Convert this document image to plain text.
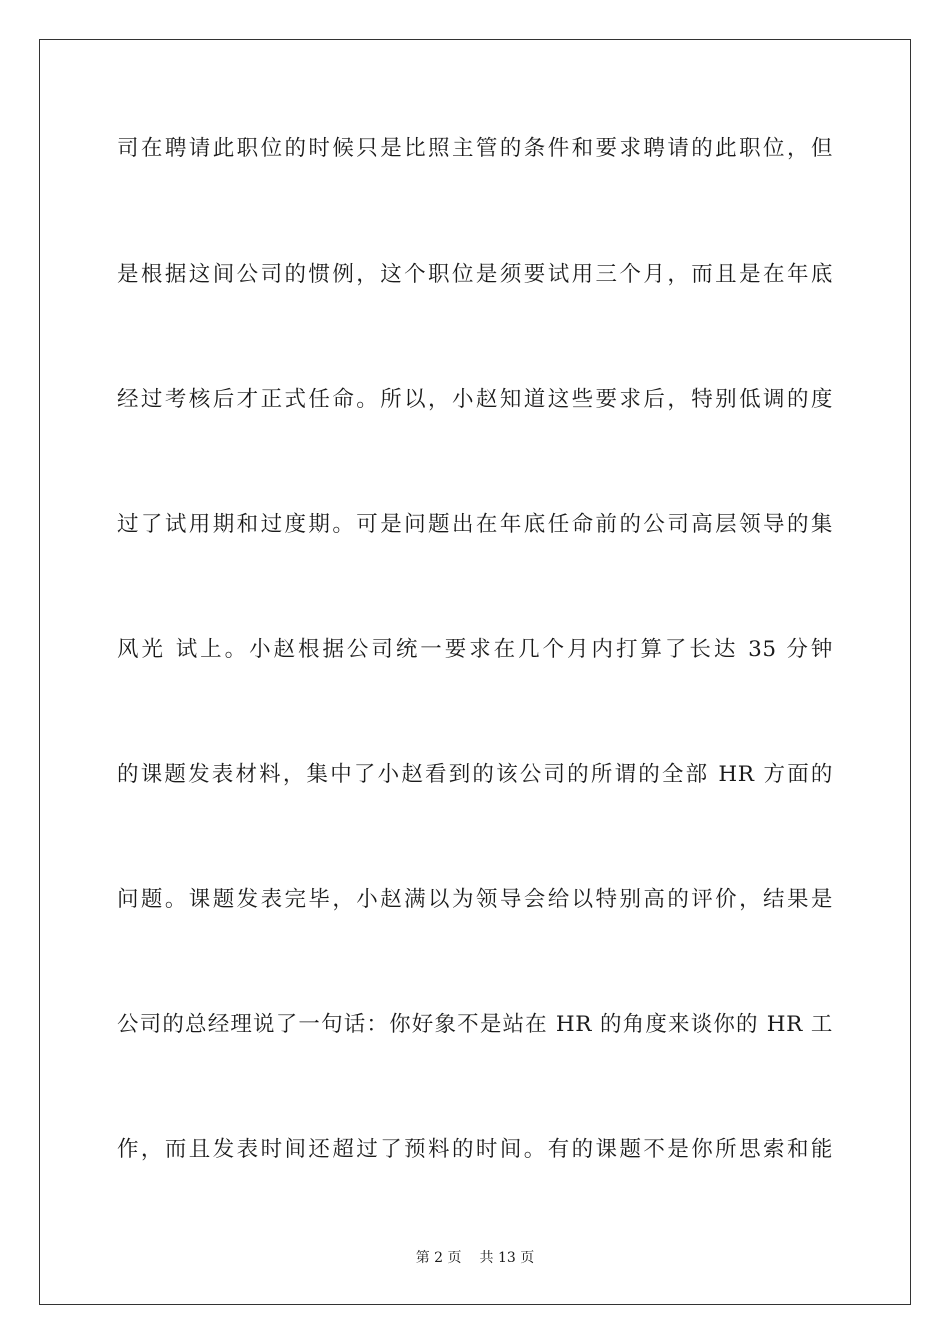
司在聘请此职位的时候只是比照主管的条件和要求聘请的此职位，但
是根据这间公司的惯例，这个职位是须要试用三个月，而且是在年底
经过考核后才正式任命。所以，小赵知道这些要求后，特别低调的度
过了试用期和过度期。可是问题出在年底任命前的公司高层领导的集
风光 试上。小赵根据公司统一要求在几个月内打算了长达 35 分钟
的课题发表材料，集中了小赵看到的该公司的所谓的全部 HR 方面的
问题。课题发表完毕，小赵满以为领导会给以特别高的评价，结果是
公司的总经理说了一句话：你好象不是站在 HR 的角度来谈你的 HR 工
作，而且发表时间还超过了预料的时间。有的课题不是你所思索和能
第 2 页 共 13 页
